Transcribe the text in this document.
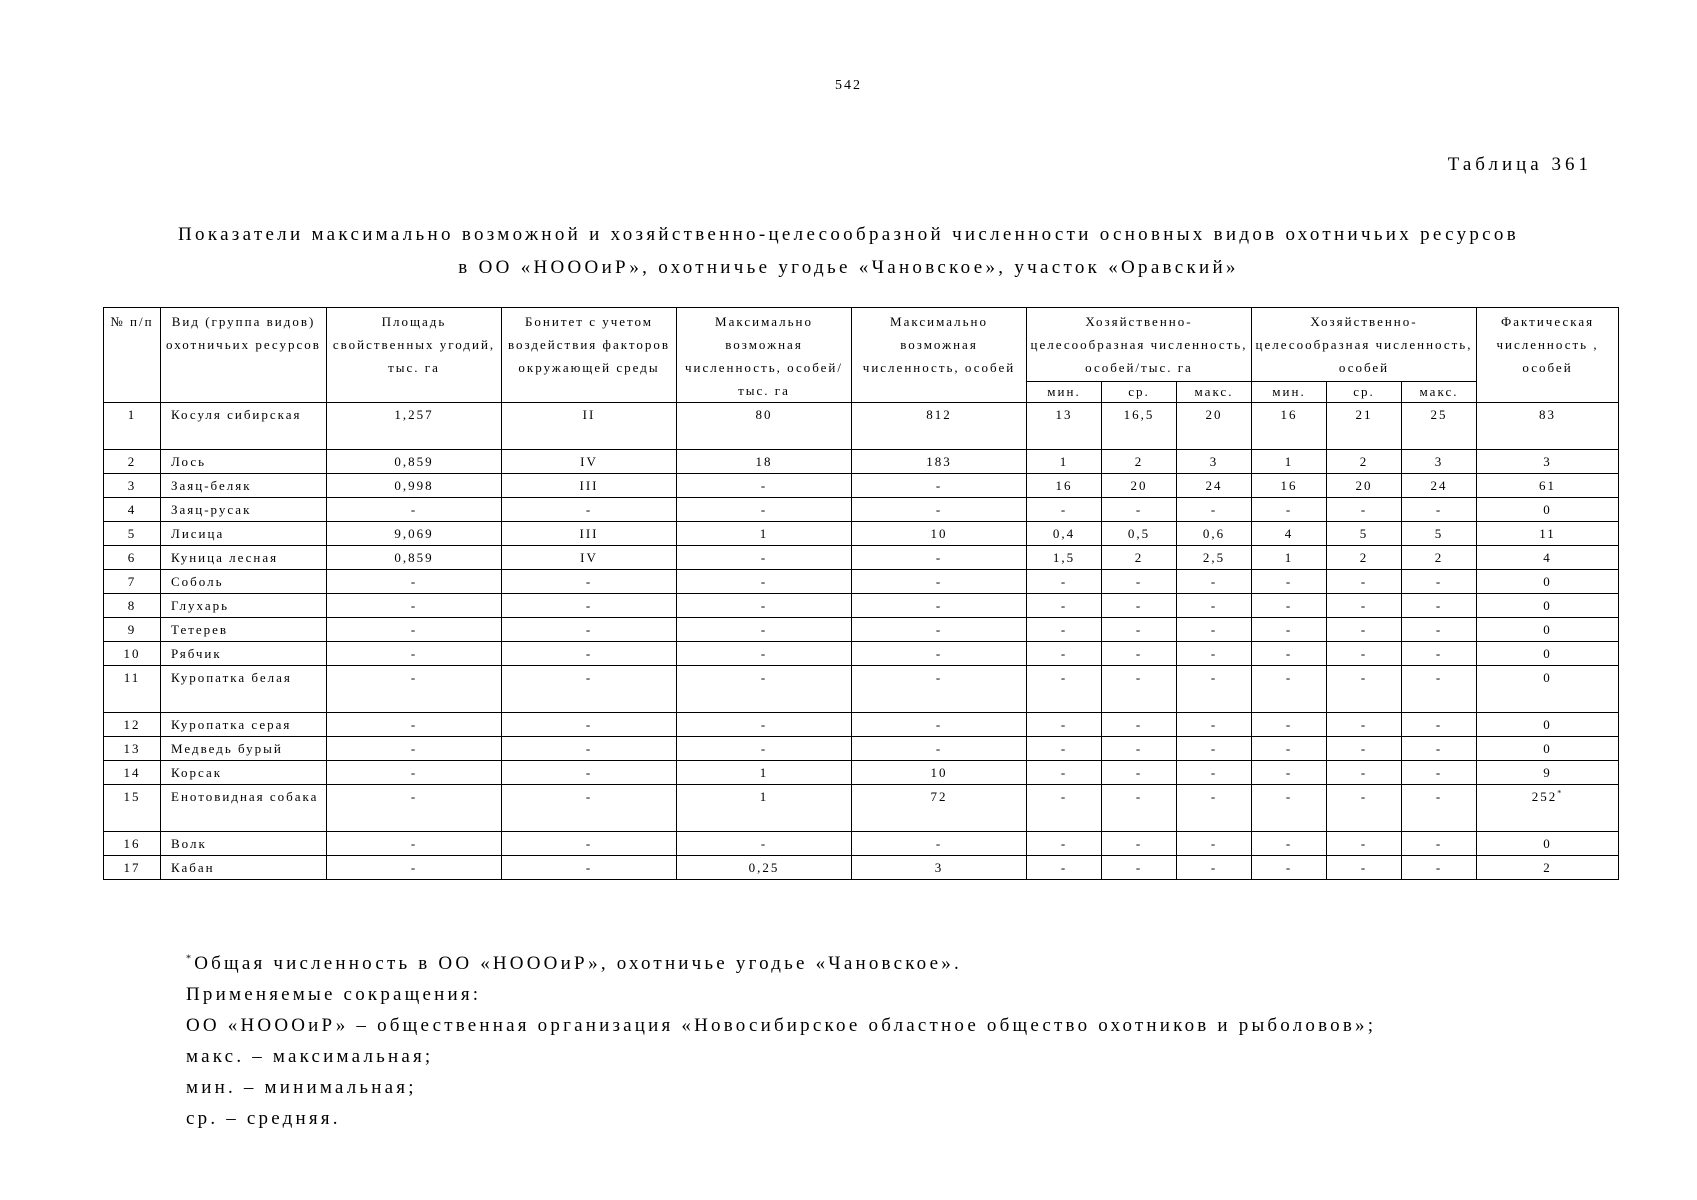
542
Таблица 361
Показатели максимально возможной и хозяйственно-целесообразной численности основных видов охотничьих ресурсов
в ОО «НОООиР», охотничье угодье «Чановское», участок «Оравский»
№ п/п	Вид (группа видов) охотничьих ресурсов	Площадь свойственных угодий, тыс. га	Бонитет с учетом воздействия факторов окружающей среды	Максимально возможная численность, особей/тыс. га	Максимально возможная численность, особей	Хозяйственно-целесообразная численность, особей/тыс. га			Хозяйственно-целесообразная численность, особей			Фактическая численность , особей
						мин.	ср.	макс.	мин.	ср.	макс.	
1	Косуля сибирская	1,257	II	80	812	13	16,5	20	16	21	25	83
2	Лось	0,859	IV	18	183	1	2	3	1	2	3	3
3	Заяц-беляк	0,998	III	-	-	16	20	24	16	20	24	61
4	Заяц-русак	-	-	-	-	-	-	-	-	-	-	0
5	Лисица	9,069	III	1	10	0,4	0,5	0,6	4	5	5	11
6	Куница лесная	0,859	IV	-	-	1,5	2	2,5	1	2	2	4
7	Соболь	-	-	-	-	-	-	-	-	-	-	0
8	Глухарь	-	-	-	-	-	-	-	-	-	-	0
9	Тетерев	-	-	-	-	-	-	-	-	-	-	0
10	Рябчик	-	-	-	-	-	-	-	-	-	-	0
11	Куропатка белая	-	-	-	-	-	-	-	-	-	-	0
12	Куропатка серая	-	-	-	-	-	-	-	-	-	-	0
13	Медведь бурый	-	-	-	-	-	-	-	-	-	-	0
14	Корсак	-	-	1	10	-	-	-	-	-	-	9
15	Енотовидная собака	-	-	1	72	-	-	-	-	-	-	252*
16	Волк	-	-	-	-	-	-	-	-	-	-	0
17	Кабан	-	-	0,25	3	-	-	-	-	-	-	2
*Общая численность в ОО «НОООиР», охотничье угодье «Чановское».
Применяемые сокращения:
ОО «НОООиР» – общественная организация «Новосибирское областное общество охотников и рыболовов»;
макс. – максимальная;
мин. – минимальная;
ср. – средняя.
